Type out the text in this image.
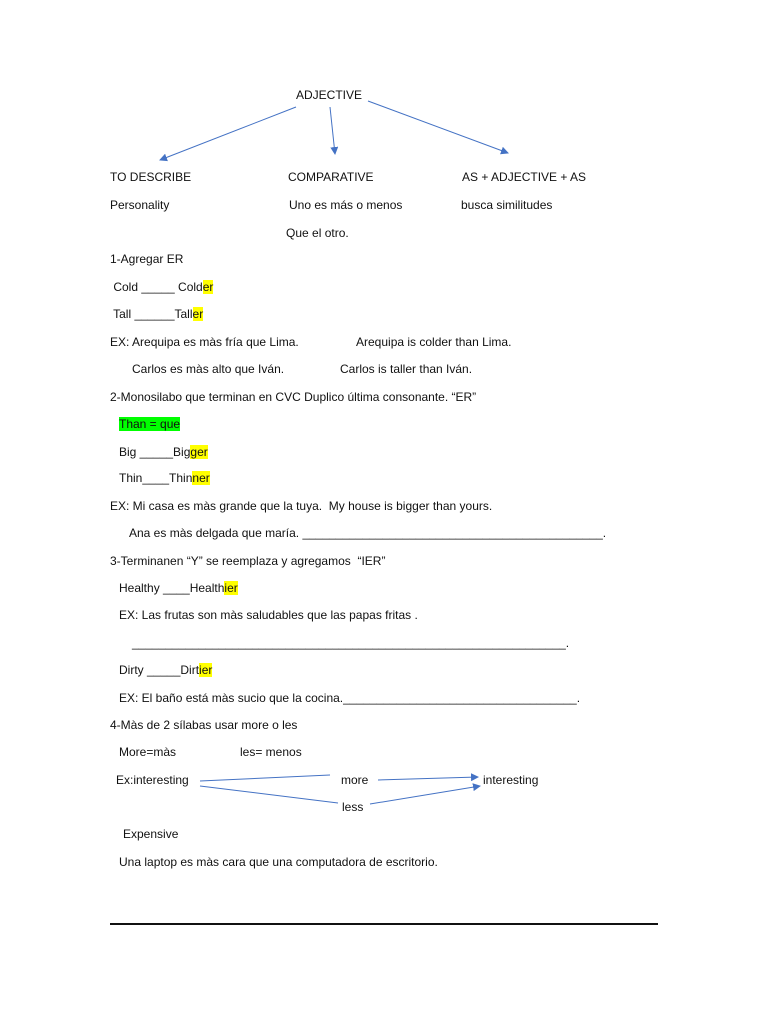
ADJECTIVE
TO DESCRIBE	COMPARATIVE	AS + ADJECTIVE + AS
Personality	Uno es más o menos	busca similitudes
Que el otro.
1-Agregar ER
Cold _____ Colder
Tall ______Taller
EX: Arequipa es màs fría que Lima.	Arequipa is colder than Lima.
Carlos es màs alto que Iván.	Carlos is taller than Iván.
2-Monosilabo que terminan en CVC Duplico última consonante. “ER”
Than = que
Big _____Bigger
Thin____Thinner
EX: Mi casa es màs grande que la tuya.  My house is bigger than yours.
Ana es màs delgada que maría. _____________________________________________.
3-Terminanen “Y” se reemplaza y agregamos  “IER”
Healthy ____Healthier
EX: Las frutas son màs saludables que las papas fritas .
_________________________________________________________________.
Dirty _____Dirtier
EX: El baño está màs sucio que la cocina.___________________________________.
4-Màs de 2 sílabas usar more o les
More=màs	les= menos
Ex:interesting	more	interesting
less
Expensive
Una laptop es màs cara que una computadora de escritorio.
